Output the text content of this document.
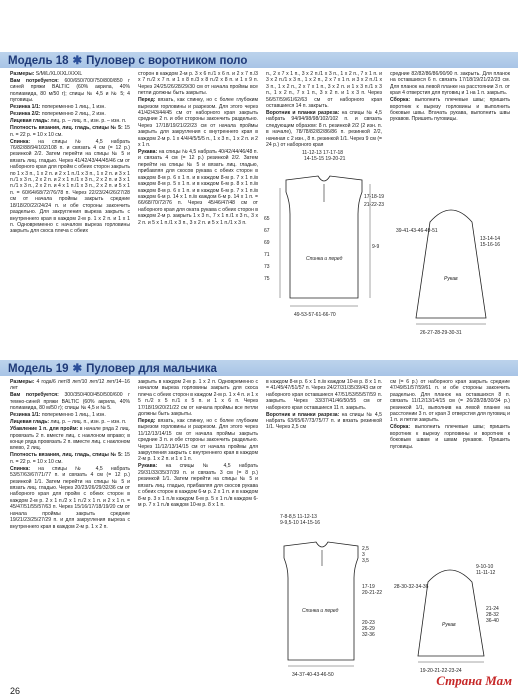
Модель 18 ✱ Пуловер с воротником поло

Размеры: S/M/L/XL/XXL/XXXL

Вам потребуется: 600/650/700/750/800/850 г синей пряжи BALTIC (60% акрила, 40% полиамида, 80 м/50 г); спицы № 4,5 и № 5; 4 пуговицы.

Резинка 1/1: попеременно 1 лиц., 1 изн.

Резинка 2/2: попеременно 2 лиц., 2 изн.

Лицевая гладь: лиц. р. – лиц. п., изн. р. – изн. п.

Плотность вязания, лиц. гладь, спицы № 5: 15 п. = 22 р. = 10 х 10 см.

Спинка: на спицы № 4,5 набрать 76/82/88/94/102/108 п. и связать 4 см (= 12 р.) резинкой 2/2. Затем перейти на спицы № 5 и вязать лиц. гладью. Через 41/42/43/44/45/46 см от наборного края для пройм с обеих сторон закрыть по 1 х 3 п., 1 х 2 п. и 2 х 1 п./1 х 3 п., 1 х 2 п. и 3 х 1 п./1 х 3 п., 2 х 2 п. и 2 х 1 п./1 х 3 п., 2 х 2 п. и 3 х 1 п./1 х 3 п., 2 х 2 п. и 4 х 1 п./1 х 3 п., 2 х 2 п. и 5 х 1 п. = 60/64/68/72/76/78 п. Через 22/23/24/26/27/28 см от начала проймы закрыть средние 18/18/20/22/24/24 п. и обе стороны закончить раздельно. Для закругления выреза закрыть с внутреннего края в каждом 2-м р. 1 х 2 п. и 1 х 1 п. Одновременно с началом выреза горловины закрыть для скоса плеча с обеих

сторон в каждом 2-м р. 3 х 6 п./1 х 6 п. и 2 х 7 п./3 х 7 п./2 х 7 п. и 1 х 8 п./3 х 8 п./2 х 8 п. и 1 х 9 п. Через 24/25/26/28/29/30 см от начала проймы все петли должны быть закрыты.

Перед: вязать, как спинку, но с более глубоким вырезом горловины и разрезом. Для этого через 41/42/43/44/45 см от наборного края закрыть средние 2 п. и обе стороны закончить раздельно. Через 17/18/19/21/22/23 см от начала проймы закрыть для закругления с внутреннего края в каждом 2-м р. 1 х 4/4/4/5/5/5 п., 1 х 3 п., 1 х 2 п. и 2 х 1 п.

Рукава: на спицы № 4,5 набрать 40/42/44/46/48 п. и связать 4 см (= 12 р.) резинкой 2/2. Затем перейти на спицы № 5 и вязать лиц. гладью, прибавляя для скосов рукава с обеих сторон в каждом 8-м р. 6 х 1 п. и в каждом 8-м р. 7 х 1 п./в каждом 8-м р. 5 х 1 п. и в каждом 6-м р. 8 х 1 п./в каждом 8-м р. 6 х 1 п. и в каждом 6-м р. 7 х 1 п./в каждом 6-м р. 14 х 1 п./в каждом 6-м р. 14 х 1 п. = 66/68/70/72/76 п. Через 45/46/47/48 см от наборного края для оката рукава с обеих сторон в каждом 2-м р. закрыть 1 х 3 п., 7 х 1 п./1 х 3 п., 3 х 2 п. и 5 х 1 п./1 х 3 п., 3 х 2 п. и 5 х 1 п./1 х 3 п.

п., 2 х 7 х 1 п., 3 х 2 п./1 х 3 п., 1 х 2 п., 7 х 1 п. и 3 х 2 п./1 х 3 п., 1 х 2 п., 2 х 7 х 1 п. и 3 х 2 п./1 х 3 п., 1 х 2 п., 2 х 7 х 1 п., 3 х 2 п. и 1 х 3 п./1 х 3 п., 1 х 2 п., 7 х 1 п., 3 х 2 п. и 1 х 3 п. Через 56/57/59/61/62/63 см от наборного края оставшиеся 14 п. закрыть.

Воротник и планки разреза: на спицы № 4,5 набрать 94/94/98/98/102/102 п. и связать следующим образом: 8 п. резинкой 2/2 (2 изн. п. в начале), 78/78/82/82/86/86 п. резинкой 2/2, начиная с 2 изн., 8 п. резинкой 1/1. Через 9 см (= 24 р.) от наборного края

средние 82/82/86/86/90/90 п. закрыть. Для планок на оставшихся 6 п. связать 17/18/19/21/22/23 см. Для планок на левой планке на расстоянии 3 п. от края 4 отверстия для пуговиц и 1 на 1 п. закрыть.

Сборка: выполнить плечевые швы; пришить воротник к вырезу горловины и выполнить боковые швы. Втачать рукава, выполнить швы рукавов. Пришить пуговицы.

11-12-13 17-17-18
14-15-15 19-20-21
65
67
69
71
73
75
17-18-19
21-22-23
9-9
Спинка и перед
49-53-57-61-66-70
39-41-43-46-49-51
13-14-14
15-16-16
Рукав
26-27-28-29-30-31
Модель 19 ✱ Пуловер для мальчика

Размеры: 4 года/6 лет/8 лет/10 лет/12 лет/14–16 лет

Вам потребуется: 300/350/400/450/500/600 г темно-синей пряжи BALTIC (60% акрила, 40% полиамида, 80 м/50 г); спицы № 4,5 и № 5.

Резинка 1/1: попеременно 1 лиц., 1 изн.

Лицевая гладь: лиц. р. – лиц. п., изн. р. – изн. п.

Убавление 1 п. для пройм: в начале ряда 2 лиц. провязать 2 п. вместе лиц. с наклоном вправо; в конце ряда провязать 2 п. вместе лиц. с наклоном влево, 2 лиц.

Плотность вязания, лиц. гладь, спицы № 5: 15 п. = 22 р. = 10 х 10 см.

Спинка: на спицы № 4,5 набрать 53/57/63/67/71/77 п. и связать 4 см (= 12 р.) резинкой 1/1. Затем перейти на спицы № 5 и вязать лиц. гладью. Через 20/23/26/29/32/36 см от наборного края для пройм с обеих сторон в каждом 2-м р. 2 х 1 п./2 х 1 п./2 х 1 п. и 2 х 1 п. = 45/47/51/55/57/63 п. Через 15/16/17/18/19/20 см от начала проймы закрыть средние 19/21/23/25/27/29 п. и для закругления выреза с внутреннего края в каждом 2-м р. 1 х 2 п.

закрыть в каждом 2-м р. 1 х 2 п. Одновременно с началом выреза горловины закрыть для скоса плеча с обеих сторон в каждом 2-м р. 1 х 4 п. и 1 х 5 п./2 х 5 п./1 х 5 п. и 1 х 6 п. Через 17/18/19/20/21/22 см от начала проймы все петли должны быть закрыты.

Перед: вязать, как спинку, но с более глубоким вырезом горловины и разрезом. Для этого через 11/12/13/14/15 см от начала проймы закрыть средние 3 п. и обе стороны закончить раздельно. Через 11/12/13/14/15 см от начала проймы для закругления закрыть с внутреннего края в каждом 2-м р. 1 х 2 п. и 1 х 1 п.

Рукава: на спицы № 4,5 набрать 29/31/33/35/37/39 п. и связать 3 см (= 8 р.) резинкой 1/1. Затем перейти на спицы № 5 и вязать лиц. гладью, прибавляя для скосов рукава с обеих сторон в каждом 6-м р. 2 х 1 п. и в каждом 8-м р. 3 х 1 п./в каждом 6-м р. 5 х 1 п./в каждом 6-м р. 7 х 1 п./в каждом 10-м р. 8 х 1 п.

в каждом 8-м р. 6 х 1 п./в каждом 10-м р. 8 х 1 п. = 41/45/47/51/57 п. Через 24/27/31/35/39/43 см от наборного края оставшиеся 47/51/53/55/57/59 п. закрыть. Через 33/37/41/46/50/55 см от наборного края оставшиеся 11 п. закрыть.

Воротник и планки разреза: на спицы № 4,5 набрать 63/65/67/73/75/77 п. и вязать резинкой 1/1. Через 2,5 см

см (= 6 р.) от наборного края закрыть средние 47/49/51/57/59/61 п. и обе стороны закончить раздельно. Для планок на оставшихся 8 п. связать 11/12/13/14/15 см (= 26/28/28/30/34 р.) резинкой 1/1, выполнив на левой планке на расстоянии 3 п. от края 3 отверстия для пуговиц и 1 п. и петли закрыть.

Сборка: выполнить плечевые швы; пришить воротник к вырезу горловины и воротник к боковым швам и швам рукавов. Пришить пуговицы.

7-8-8,5 11-12-13
9-9,5-10 14-15-16
2,5
3
3,5
17-19
20-21-22
20-23
26-29
32-36
Спинка и перед
34-37-40-43-46-50
28-30-32-34-36
9-10-10
11-11-12
21-24
28-32
36-40
Рукав
19-20-21-22-23-24
26
Страна Мам
